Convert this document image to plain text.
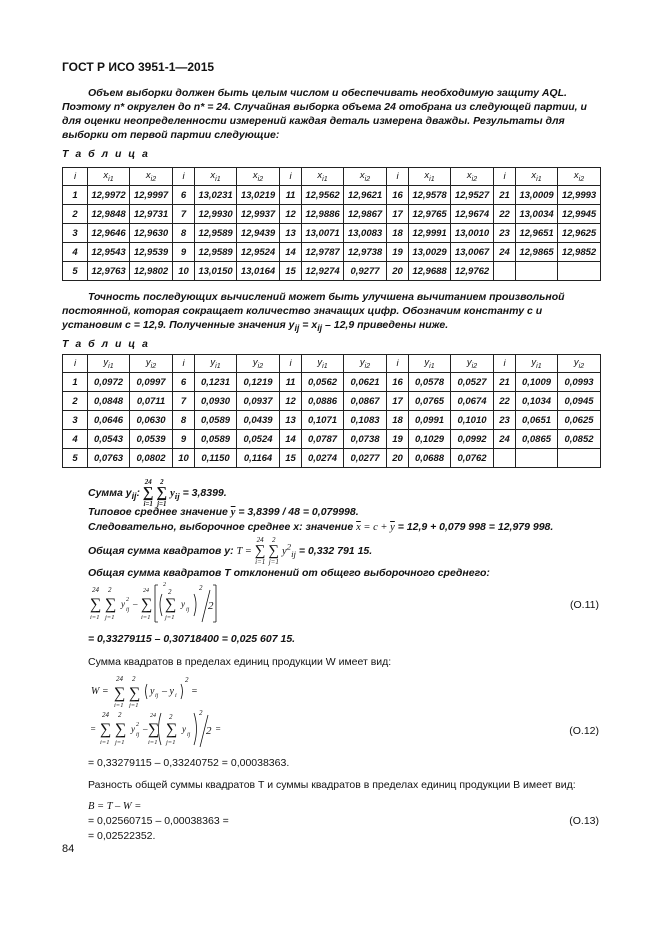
ГОСТ Р ИСО 3951-1—2015
Объем выборки должен быть целым числом и обеспечивать необходимую защиту AQL. Поэтому n* округлен до n* = 24. Случайная выборка объема 24 отобрана из следующей партии, и для оценки неопределенности измерений каждая деталь измерена дважды. Результаты для выборки от первой партии следующие:
Т а б л и ц а
i	$x_{i1}$	$x_{i2}$	i	$x_{i1}$	$x_{i2}$	i	$x_{i1}$	$x_{i2}$	i	$x_{i1}$	$x_{i2}$	i	$x_{i1}$	$x_{i2}$
1	12,9972	12,9997	6	13,0231	13,0219	11	12,9562	12,9621	16	12,9578	12,9527	21	13,0009	12,9993
2	12,9848	12,9731	7	12,9930	12,9937	12	12,9886	12,9867	17	12,9765	12,9674	22	13,0034	12,9945
3	12,9646	12,9630	8	12,9589	12,9439	13	13,0071	13,0083	18	12,9991	13,0010	23	12,9651	12,9625
4	12,9543	12,9539	9	12,9589	12,9524	14	12,9787	12,9738	19	13,0029	13,0067	24	12,9865	12,9852
5	12,9763	12,9802	10	13,0150	13,0164	15	12,9274	0,9277	20	12,9688	12,9762			
Точность последующих вычислений может быть улучшена вычитанием произвольной постоянной, которая сокращает количество значащих цифр. Обозначим константу с и установим с = 12,9. Полученные значения $y_{ij} = x_{ij} - 12,9$ приведены ниже.
Т а б л и ц а
i	$y_{i1}$	$y_{i2}$	i	$y_{i1}$	$y_{i2}$	i	$y_{i1}$	$y_{i2}$	i	$y_{i1}$	$y_{i2}$	i	$y_{i1}$	$y_{i2}$
1	0,0972	0,0997	6	0,1231	0,1219	11	0,0562	0,0621	16	0,0578	0,0527	21	0,1009	0,0993
2	0,0848	0,0711	7	0,0930	0,0937	12	0,0886	0,0867	17	0,0765	0,0674	22	0,1034	0,0945
3	0,0646	0,0630	8	0,0589	0,0439	13	0,1071	0,1083	18	0,0991	0,1010	23	0,0651	0,0625
4	0,0543	0,0539	9	0,0589	0,0524	14	0,0787	0,0738	19	0,1029	0,0992	24	0,0865	0,0852
5	0,0763	0,0802	10	0,1150	0,1164	15	0,0274	0,0277	20	0,0688	0,0762			
Сумма $y_{ij}$: 24
∑
i=1 2
∑
j=1 $y_{ij} = 3,8399$.
Типовое среднее значение $\overline{y} = 3,8399 / 48 = 0,079998$.
Следовательно, выборочное среднее x: значение $\overline{x} = c + \overline{y} = 12,9 + 0,079$ 998 = 12,979 998.
Общая сумма квадратов y: T = 24
∑
i=1 2
∑
j=1 $y^2_{ij} = 0,332$ 791 15.
Общая сумма квадратов T отклонений от общего выборочного среднего:
24
∑
i=1
2
∑
j=1
y 2
ij
–
24
∑
i=1
2
2
∑
j=1
y
ij
2
2	(O.11)
= 0,33279115 – 0,30718400 = 0,025 607 15.
Сумма квадратов в пределах единиц продукции W имеет вид:
W =
24
∑
i=1
2
∑
j=1
y ij – y i
2
=
=
24
∑
i=1
2
∑
j=1
y 2
ij
–
24
∑
i=1
2
∑
j=1
y
ij
2
2 =	(O.12)
= 0,33279115 – 0,33240752 = 0,00038363.
Разность общей суммы квадратов T и суммы квадратов в пределах единиц продукции В имеет вид:
B = T – W =
= 0,02560715 – 0,00038363 =
= 0,02522352.
(O.13)
84
